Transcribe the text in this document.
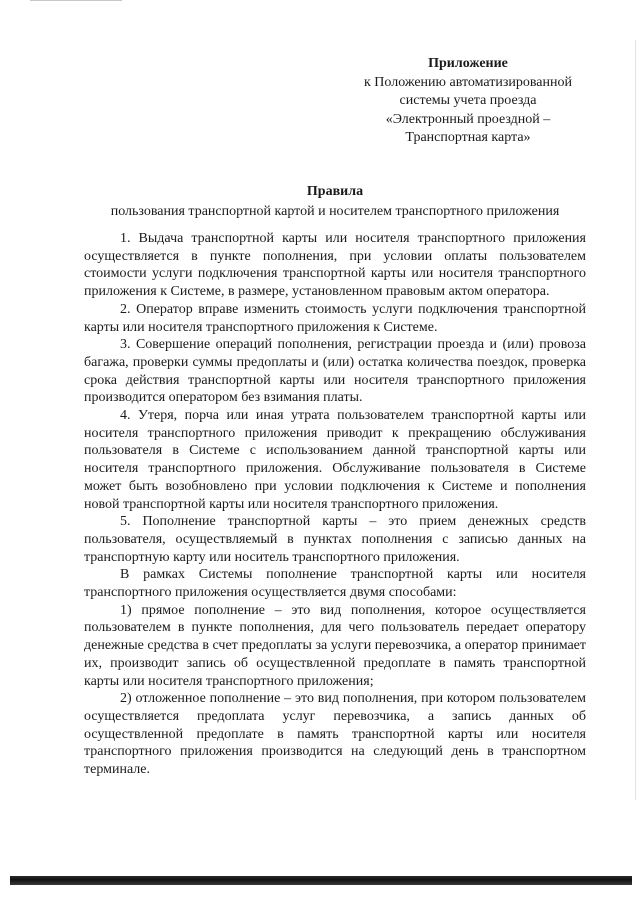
Приложение
к Положению автоматизированной
системы учета проезда
«Электронный проездной –
Транспортная карта»
Правила
пользования транспортной картой и носителем транспортного приложения

1. Выдача транспортной карты или носителя транспортного приложения осуществляется в пункте пополнения, при условии оплаты пользователем стоимости услуги подключения транспортной карты или носителя транспортного приложения к Системе, в размере, установленном правовым актом оператора.

2. Оператор вправе изменить стоимость услуги подключения транспортной карты или носителя транспортного приложения к Системе.

3. Совершение операций пополнения, регистрации проезда и (или) провоза багажа, проверки суммы предоплаты и (или) остатка количества поездок, проверка срока действия транспортной карты или носителя транспортного приложения производится оператором без взимания платы.

4. Утеря, порча или иная утрата пользователем транспортной карты или носителя транспортного приложения приводит к прекращению обслуживания пользователя в Системе с использованием данной транспортной карты или носителя транспортного приложения. Обслуживание пользователя в Системе может быть возобновлено при условии подключения к Системе и пополнения новой транспортной карты или носителя транспортного приложения.

5. Пополнение транспортной карты – это прием денежных средств пользователя, осуществляемый в пунктах пополнения с записью данных на транспортную карту или носитель транспортного приложения.

В рамках Системы пополнение транспортной карты или носителя транспортного приложения осуществляется двумя способами:

1) прямое пополнение – это вид пополнения, которое осуществляется пользователем в пункте пополнения, для чего пользователь передает оператору денежные средства в счет предоплаты за услуги перевозчика, а оператор принимает их, производит запись об осуществленной предоплате в память транспортной карты или носителя транспортного приложения;

2) отложенное пополнение – это вид пополнения, при котором пользователем осуществляется предоплата услуг перевозчика, а запись данных об осуществленной предоплате в память транспортной карты или носителя транспортного приложения производится на следующий день в транспортном терминале.
